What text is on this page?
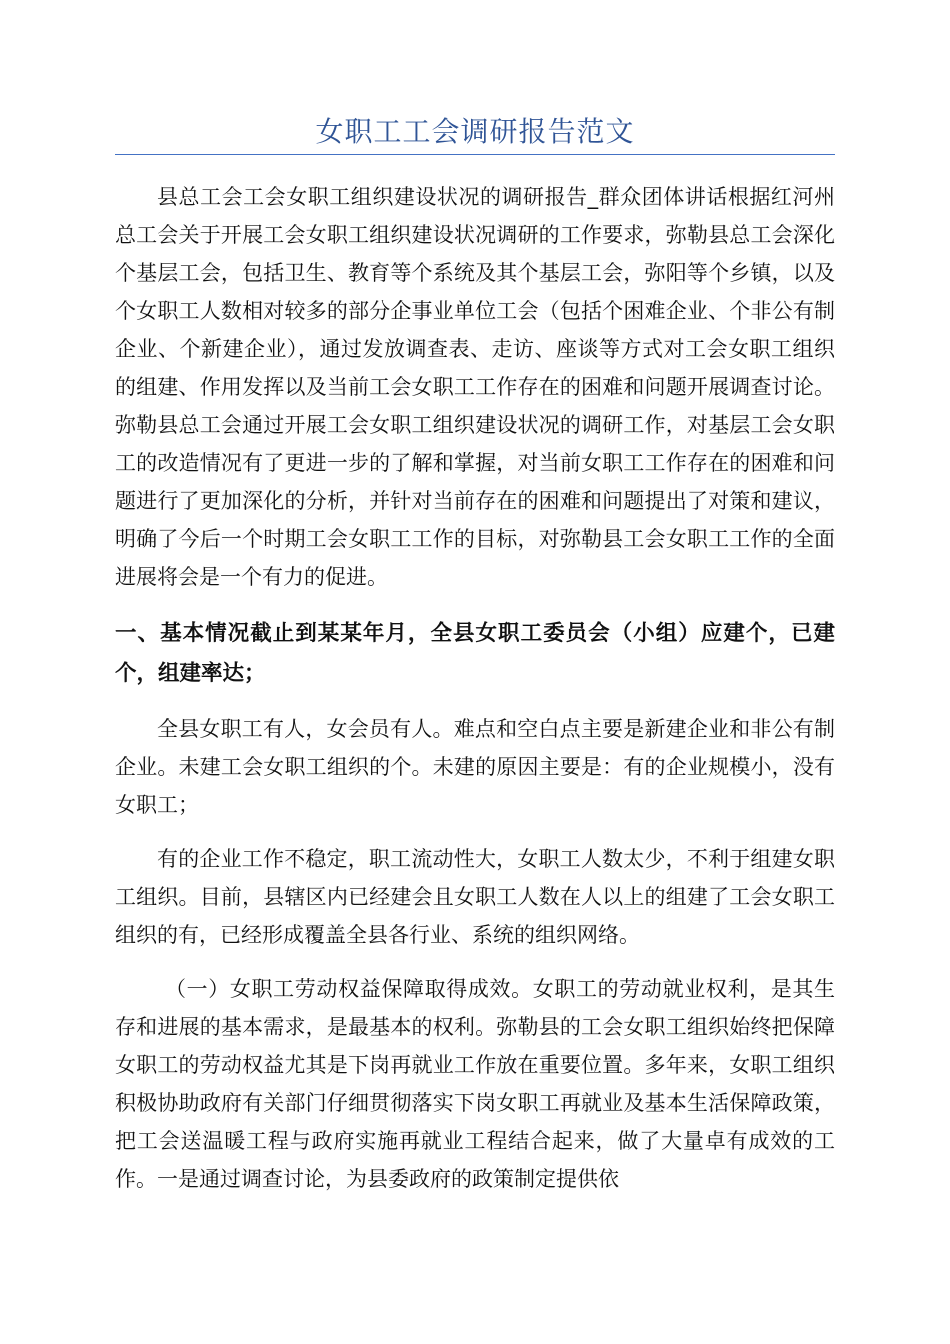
女职工工会调研报告范文

县总工会工会女职工组织建设状况的调研报告_群众团体讲话根据红河州总工会关于开展工会女职工组织建设状况调研的工作要求，弥勒县总工会深化个基层工会，包括卫生、教育等个系统及其个基层工会，弥阳等个乡镇，以及个女职工人数相对较多的部分企事业单位工会（包括个困难企业、个非公有制企业、个新建企业），通过发放调查表、走访、座谈等方式对工会女职工组织的组建、作用发挥以及当前工会女职工工作存在的困难和问题开展调查讨论。弥勒县总工会通过开展工会女职工组织建设状况的调研工作，对基层工会女职工的改造情况有了更进一步的了解和掌握，对当前女职工工作存在的困难和问题进行了更加深化的分析，并针对当前存在的困难和问题提出了对策和建议，明确了今后一个时期工会女职工工作的目标，对弥勒县工会女职工工作的全面进展将会是一个有力的促进。

一、基本情况截止到某某年月，全县女职工委员会（小组）应建个，已建个，组建率达；

全县女职工有人，女会员有人。难点和空白点主要是新建企业和非公有制企业。未建工会女职工组织的个。未建的原因主要是：有的企业规模小，没有女职工；

有的企业工作不稳定，职工流动性大，女职工人数太少，不利于组建女职工组织。目前，县辖区内已经建会且女职工人数在人以上的组建了工会女职工组织的有，已经形成覆盖全县各行业、系统的组织网络。

（一）女职工劳动权益保障取得成效。女职工的劳动就业权利，是其生存和进展的基本需求，是最基本的权利。弥勒县的工会女职工组织始终把保障女职工的劳动权益尤其是下岗再就业工作放在重要位置。多年来，女职工组织积极协助政府有关部门仔细贯彻落实下岗女职工再就业及基本生活保障政策，把工会送温暖工程与政府实施再就业工程结合起来，做了大量卓有成效的工作。一是通过调查讨论，为县委政府的政策制定提供依
